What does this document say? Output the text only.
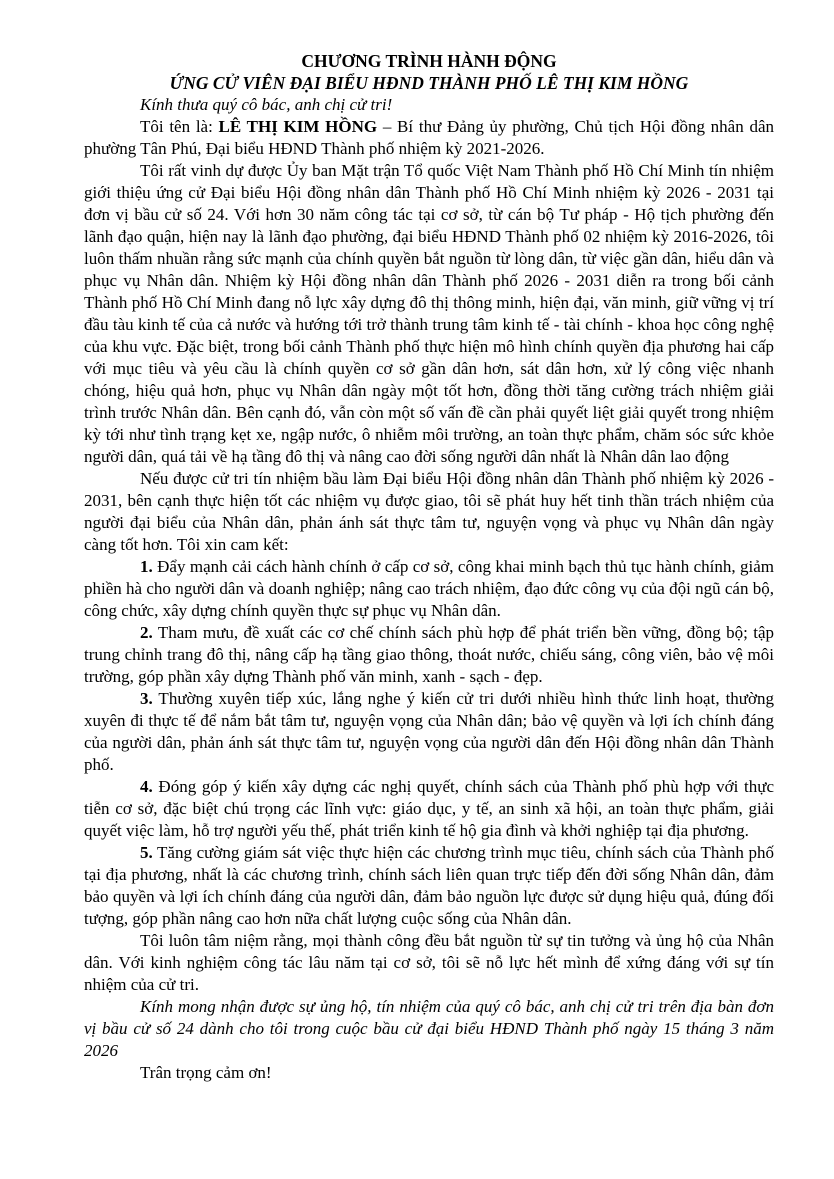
CHƯƠNG TRÌNH HÀNH ĐỘNG
ỨNG CỬ VIÊN ĐẠI BIỂU HĐND THÀNH PHỐ LÊ THỊ KIM HỒNG

Kính thưa quý cô bác, anh chị cử tri!

Tôi tên là: LÊ THỊ KIM HỒNG – Bí thư Đảng ủy phường, Chủ tịch Hội đồng nhân dân phường Tân Phú, Đại biểu HĐND Thành phố nhiệm kỳ 2021-2026.

Tôi rất vinh dự được Ủy ban Mặt trận Tổ quốc Việt Nam Thành phố Hồ Chí Minh tín nhiệm giới thiệu ứng cử Đại biểu Hội đồng nhân dân Thành phố Hồ Chí Minh nhiệm kỳ 2026 - 2031 tại đơn vị bầu cử số 24. Với hơn 30 năm công tác tại cơ sở, từ cán bộ Tư pháp - Hộ tịch phường đến lãnh đạo quận, hiện nay là lãnh đạo phường, đại biểu HĐND Thành phố 02 nhiệm kỳ 2016-2026, tôi luôn thấm nhuần rằng sức mạnh của chính quyền bắt nguồn từ lòng dân, từ việc gần dân, hiểu dân và phục vụ Nhân dân. Nhiệm kỳ Hội đồng nhân dân Thành phố 2026 - 2031 diễn ra trong bối cảnh Thành phố Hồ Chí Minh đang nỗ lực xây dựng đô thị thông minh, hiện đại, văn minh, giữ vững vị trí đầu tàu kinh tế của cả nước và hướng tới trở thành trung tâm kinh tế - tài chính - khoa học công nghệ của khu vực. Đặc biệt, trong bối cảnh Thành phố thực hiện mô hình chính quyền địa phương hai cấp với mục tiêu và yêu cầu là chính quyền cơ sở gần dân hơn, sát dân hơn, xử lý công việc nhanh chóng, hiệu quả hơn, phục vụ Nhân dân ngày một tốt hơn, đồng thời tăng cường trách nhiệm giải trình trước Nhân dân. Bên cạnh đó, vẫn còn một số vấn đề cần phải quyết liệt giải quyết trong nhiệm kỳ tới như tình trạng kẹt xe, ngập nước, ô nhiễm môi trường, an toàn thực phẩm, chăm sóc sức khỏe người dân, quá tải về hạ tầng đô thị và nâng cao đời sống người dân nhất là Nhân dân lao động

Nếu được cử tri tín nhiệm bầu làm Đại biểu Hội đồng nhân dân Thành phố nhiệm kỳ 2026 - 2031, bên cạnh thực hiện tốt các nhiệm vụ được giao, tôi sẽ phát huy hết tinh thần trách nhiệm của người đại biểu của Nhân dân, phản ánh sát thực tâm tư, nguyện vọng và phục vụ Nhân dân ngày càng tốt hơn. Tôi xin cam kết:

1. Đẩy mạnh cải cách hành chính ở cấp cơ sở, công khai minh bạch thủ tục hành chính, giảm phiền hà cho người dân và doanh nghiệp; nâng cao trách nhiệm, đạo đức công vụ của đội ngũ cán bộ, công chức, xây dựng chính quyền thực sự phục vụ Nhân dân.

2. Tham mưu, đề xuất các cơ chế chính sách phù hợp để phát triển bền vững, đồng bộ; tập trung chỉnh trang đô thị, nâng cấp hạ tầng giao thông, thoát nước, chiếu sáng, công viên, bảo vệ môi trường, góp phần xây dựng Thành phố văn minh, xanh - sạch - đẹp.

3. Thường xuyên tiếp xúc, lắng nghe ý kiến cử tri dưới nhiều hình thức linh hoạt, thường xuyên đi thực tế để nắm bắt tâm tư, nguyện vọng của Nhân dân; bảo vệ quyền và lợi ích chính đáng của người dân, phản ánh sát thực tâm tư, nguyện vọng của người dân đến Hội đồng nhân dân Thành phố.

4. Đóng góp ý kiến xây dựng các nghị quyết, chính sách của Thành phố phù hợp với thực tiễn cơ sở, đặc biệt chú trọng các lĩnh vực: giáo dục, y tế, an sinh xã hội, an toàn thực phẩm, giải quyết việc làm, hỗ trợ người yếu thế, phát triển kinh tế hộ gia đình và khởi nghiệp tại địa phương.

5. Tăng cường giám sát việc thực hiện các chương trình mục tiêu, chính sách của Thành phố tại địa phương, nhất là các chương trình, chính sách liên quan trực tiếp đến đời sống Nhân dân, đảm bảo quyền và lợi ích chính đáng của người dân, đảm bảo nguồn lực được sử dụng hiệu quả, đúng đối tượng, góp phần nâng cao hơn nữa chất lượng cuộc sống của Nhân dân.

Tôi luôn tâm niệm rằng, mọi thành công đều bắt nguồn từ sự tin tưởng và ủng hộ của Nhân dân. Với kinh nghiệm công tác lâu năm tại cơ sở, tôi sẽ nỗ lực hết mình để xứng đáng với sự tín nhiệm của cử tri.

Kính mong nhận được sự ủng hộ, tín nhiệm của quý cô bác, anh chị cử tri trên địa bàn đơn vị bầu cử số 24 dành cho tôi trong cuộc bầu cử đại biểu HĐND Thành phố ngày 15 tháng 3 năm 2026

Trân trọng cảm ơn!
